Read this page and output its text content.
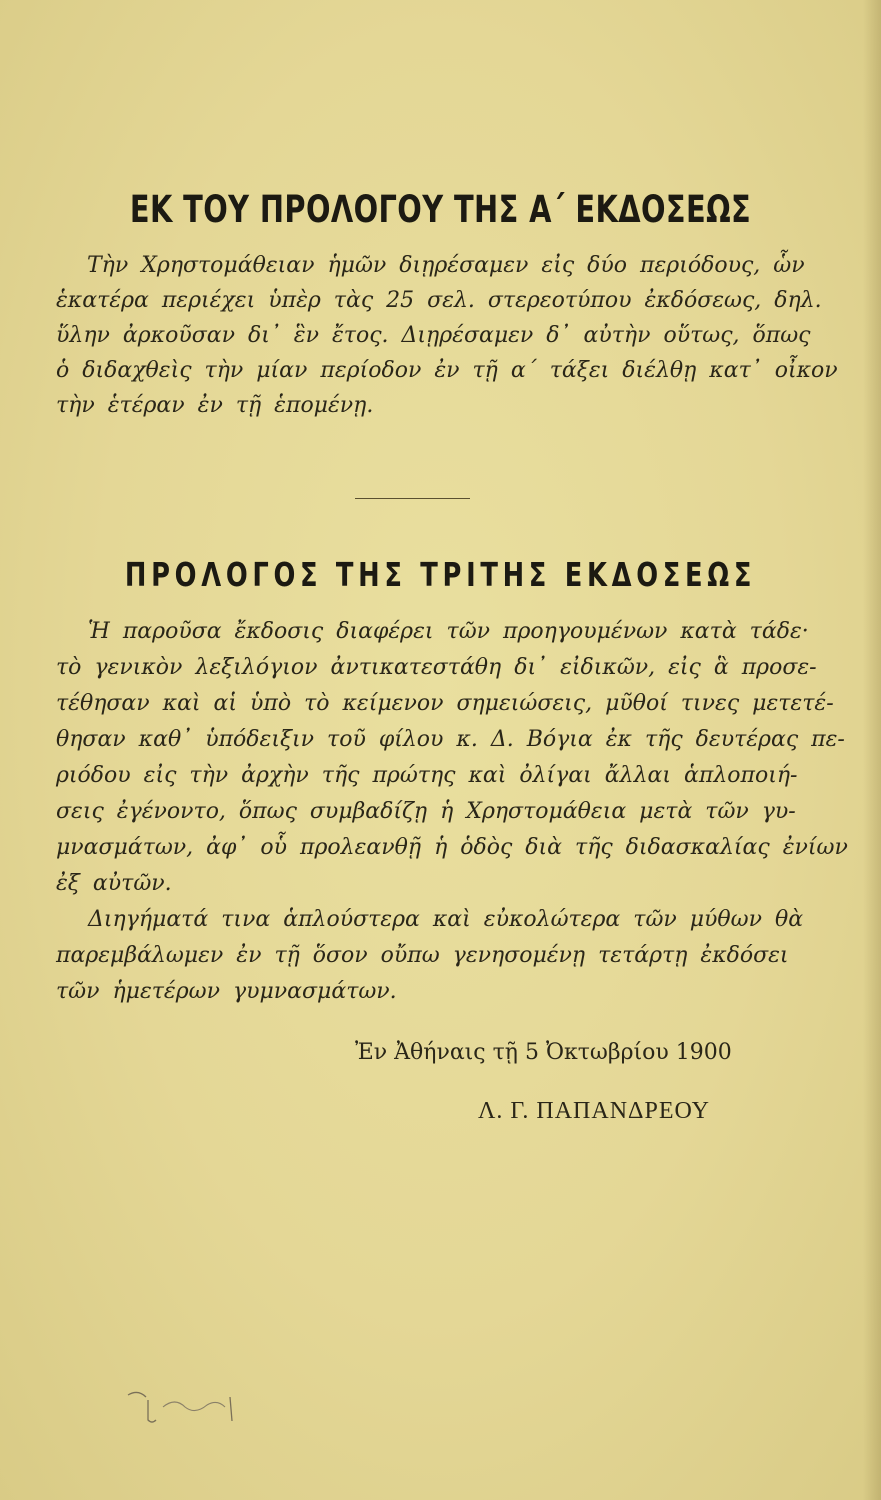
ΕΚ ΤΟΥ ΠΡΟΛΟΓΟΥ ΤΗΣ Α΄ ΕΚΔΟΣΕΩΣ
Τὴν Χρηστομάθειαν ἡμῶν διῃρέσαμεν εἰς δύο περιόδους, ὧν
ἑκατέρα περιέχει ὑπὲρ τὰς 25 σελ. στερεοτύπου ἐκδόσεως, δηλ.
ὕλην ἀρκοῦσαν δι᾽ ἓν ἔτος. Διῃρέσαμεν δ᾽ αὐτὴν οὕτως, ὅπως
ὁ διδαχθεὶς τὴν μίαν περίοδον ἐν τῇ α΄ τάξει διέλθῃ κατ᾽ οἶκον
τὴν ἑτέραν ἐν τῇ ἑπομένῃ.
ΠΡΟΛΟΓΟΣ ΤΗΣ ΤΡΙΤΗΣ ΕΚΔΟΣΕΩΣ
Ἡ παροῦσα ἔκδοσις διαφέρει τῶν προηγουμένων κατὰ τάδε·
τὸ γενικὸν λεξιλόγιον ἀντικατεστάθη δι᾽ εἰδικῶν, εἰς ἃ προσε-
τέθησαν καὶ αἱ ὑπὸ τὸ κείμενον σημειώσεις, μῦθοί τινες μετετέ-
θησαν καθ᾽ ὑπόδειξιν τοῦ φίλου κ. Δ. Βόγια ἐκ τῆς δευτέρας πε-
ριόδου εἰς τὴν ἀρχὴν τῆς πρώτης καὶ ὀλίγαι ἄλλαι ἁπλοποιή-
σεις ἐγένοντο, ὅπως συμβαδίζῃ ἡ Χρηστομάθεια μετὰ τῶν γυ-
μνασμάτων, ἀφ᾽ οὗ προλεανθῇ ἡ ὁδὸς διὰ τῆς διδασκαλίας ἐνίων
ἐξ αὐτῶν.
Διηγήματά τινα ἁπλούστερα καὶ εὐκολώτερα τῶν μύθων θὰ
παρεμβάλωμεν ἐν τῇ ὅσον οὔπω γενησομένῃ τετάρτῃ ἐκδόσει
τῶν ἡμετέρων γυμνασμάτων.
Ἐν Ἀθήναις τῇ 5 Ὀκτωβρίου 1900
Λ. Γ. ΠΑΠΑΝΔΡΕΟΥ
